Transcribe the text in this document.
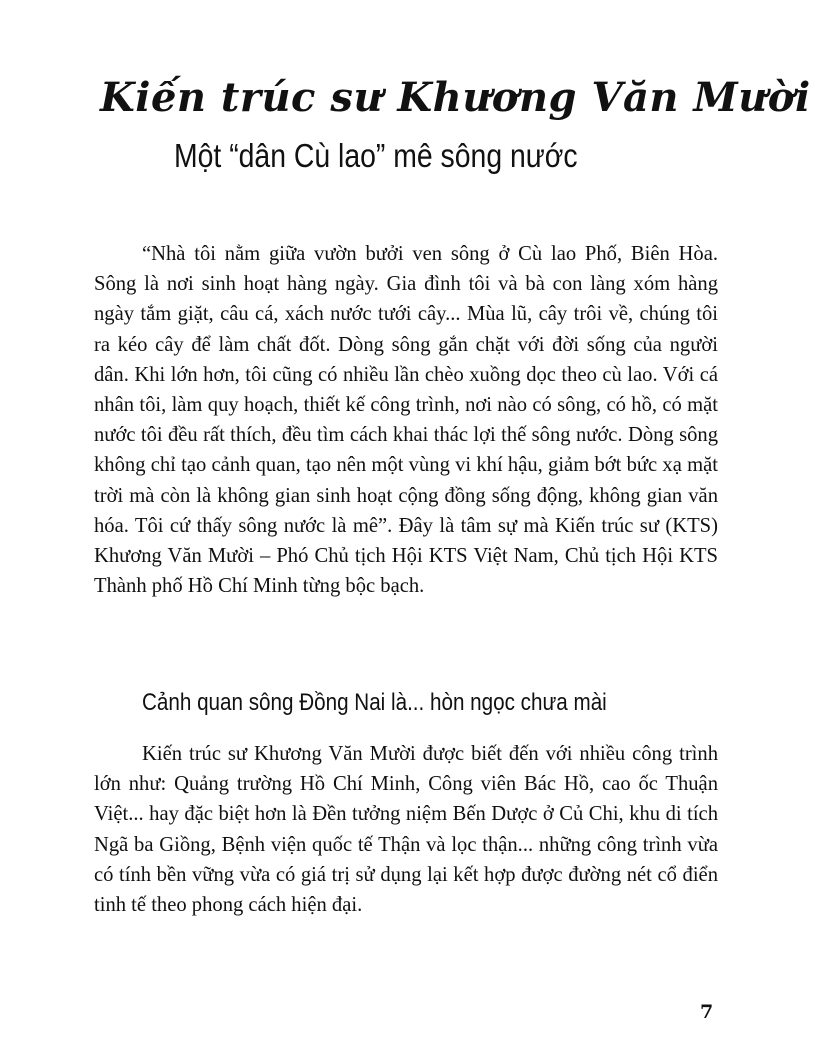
Kiến trúc sư Khương Văn Mười
Một “dân Cù lao” mê sông nước

“Nhà tôi nằm giữa vườn bưởi ven sông ở Cù lao Phố, Biên Hòa. Sông là nơi sinh hoạt hàng ngày. Gia đình tôi và bà con làng xóm hàng ngày tắm giặt, câu cá, xách nước tưới cây... Mùa lũ, cây trôi về, chúng tôi ra kéo cây để làm chất đốt. Dòng sông gắn chặt với đời sống của người dân. Khi lớn hơn, tôi cũng có nhiều lần chèo xuồng dọc theo cù lao. Với cá nhân tôi, làm quy hoạch, thiết kế công trình, nơi nào có sông, có hồ, có mặt nước tôi đều rất thích, đều tìm cách khai thác lợi thế sông nước. Dòng sông không chỉ tạo cảnh quan, tạo nên một vùng vi khí hậu, giảm bớt bức xạ mặt trời mà còn là không gian sinh hoạt cộng đồng sống động, không gian văn hóa. Tôi cứ thấy sông nước là mê”. Đây là tâm sự mà Kiến trúc sư (KTS) Khương Văn Mười – Phó Chủ tịch Hội KTS Việt Nam, Chủ tịch Hội KTS Thành phố Hồ Chí Minh từng bộc bạch.

Cảnh quan sông Đồng Nai là... hòn ngọc chưa mài

Kiến trúc sư Khương Văn Mười được biết đến với nhiều công trình lớn như: Quảng trường Hồ Chí Minh, Công viên Bác Hồ, cao ốc Thuận Việt... hay đặc biệt hơn là Đền tưởng niệm Bến Dược ở Củ Chi, khu di tích Ngã ba Giồng, Bệnh viện quốc tế Thận và lọc thận... những công trình vừa có tính bền vững vừa có giá trị sử dụng lại kết hợp được đường nét cổ điển tinh tế theo phong cách hiện đại.

7
